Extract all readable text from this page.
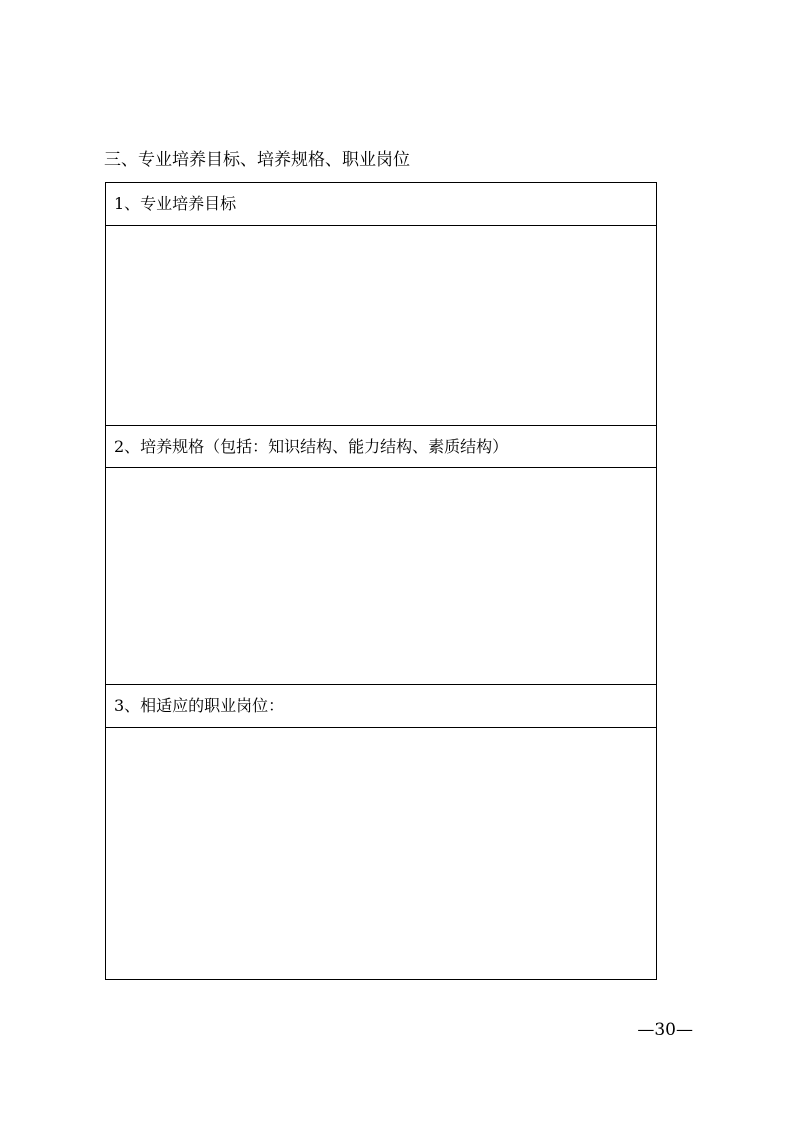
三、专业培养目标、培养规格、职业岗位
1、专业培养目标
2、培养规格（包括：知识结构、能力结构、素质结构）
3、相适应的职业岗位：
—30—
